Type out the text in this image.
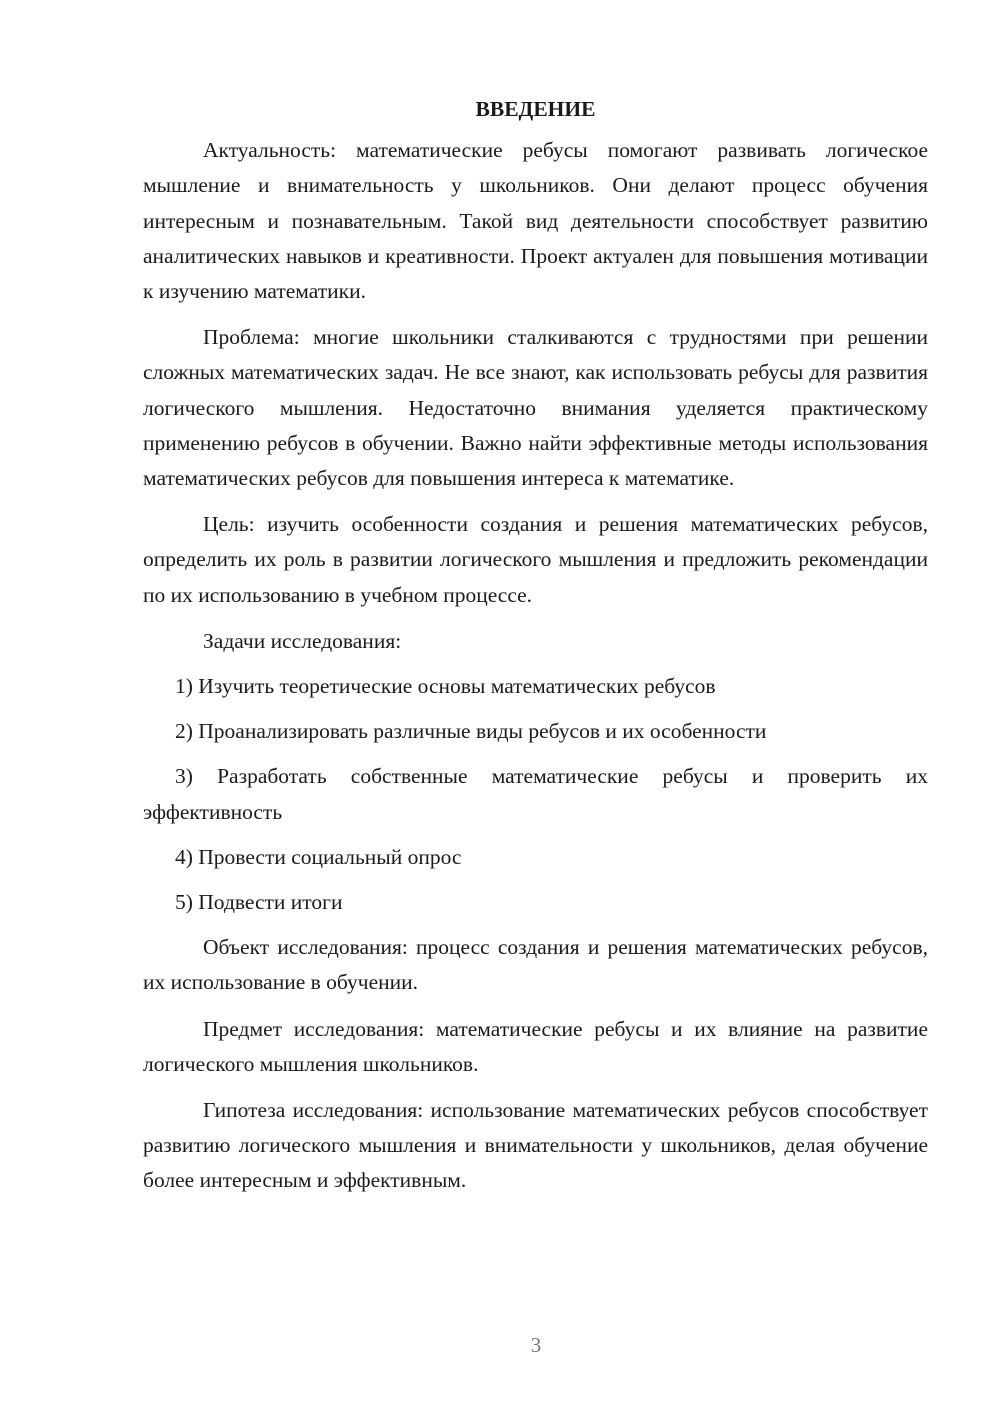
ВВЕДЕНИЕ

Актуальность: математические ребусы помогают развивать логическое мышление и внимательность у школьников. Они делают процесс обучения интересным и познавательным. Такой вид деятельности способствует развитию аналитических навыков и креативности. Проект актуален для повышения мотивации к изучению математики.

Проблема: многие школьники сталкиваются с трудностями при решении сложных математических задач. Не все знают, как использовать ребусы для развития логического мышления. Недостаточно внимания уделяется практическому применению ребусов в обучении. Важно найти эффективные методы использования математических ребусов для повышения интереса к математике.

Цель: изучить особенности создания и решения математических ребусов, определить их роль в развитии логического мышления и предложить рекомендации по их использованию в учебном процессе.

Задачи исследования:

1) Изучить теоретические основы математических ребусов

2) Проанализировать различные виды ребусов и их особенности

3) Разработать собственные математические ребусы и проверить их эффективность

4) Провести социальный опрос

5) Подвести итоги

Объект исследования: процесс создания и решения математических ребусов, их использование в обучении.

Предмет исследования: математические ребусы и их влияние на развитие логического мышления школьников.

Гипотеза исследования: использование математических ребусов способствует развитию логического мышления и внимательности у школьников, делая обучение более интересным и эффективным.

3
